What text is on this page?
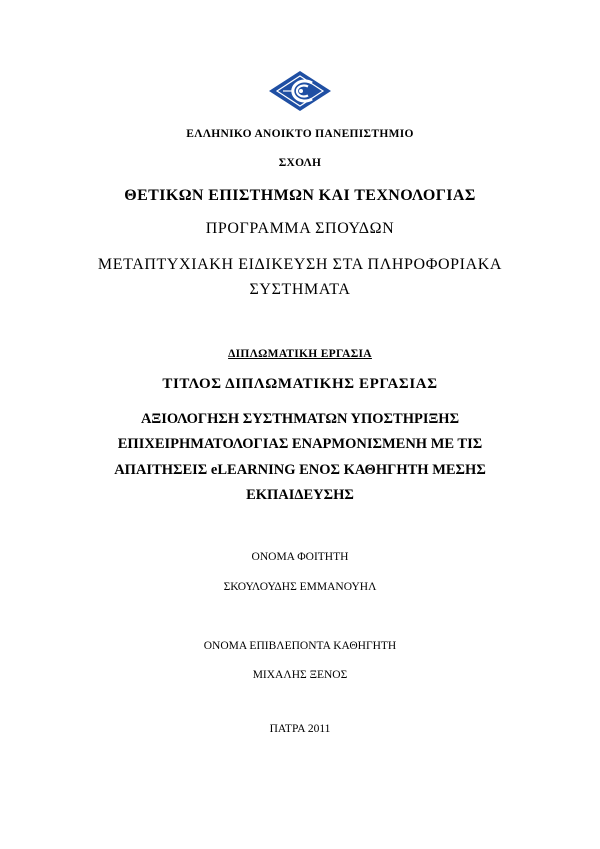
ΕΛΛΗΝΙΚΟ ΑΝΟΙΚΤΟ ΠΑΝΕΠΙΣΤΗΜΙΟ

ΣΧΟΛΗ

ΘΕΤΙΚΩΝ ΕΠΙΣΤΗΜΩΝ ΚΑΙ ΤΕΧΝΟΛΟΓΙΑΣ

ΠΡΟΓΡΑΜΜΑ ΣΠΟΥΔΩΝ

ΜΕΤΑΠΤΥΧΙΑΚΗ ΕΙΔΙΚΕΥΣΗ ΣΤΑ ΠΛΗΡΟΦΟΡΙΑΚΑ

ΣΥΣΤΗΜΑΤΑ

ΔΙΠΛΩΜΑΤΙΚΗ ΕΡΓΑΣΙΑ

ΤΙΤΛΟΣ ΔΙΠΛΩΜΑΤΙΚΗΣ ΕΡΓΑΣΙΑΣ

ΑΞΙΟΛΟΓΗΣΗ ΣΥΣΤΗΜΑΤΩΝ ΥΠΟΣΤΗΡΙΞΗΣ

ΕΠΙΧΕΙΡΗΜΑΤΟΛΟΓΙΑΣ ΕΝΑΡΜΟΝΙΣΜΕΝΗ ΜΕ ΤΙΣ

ΑΠΑΙΤΗΣΕΙΣ eLEARNING ΕΝΟΣ ΚΑΘΗΓΗΤΗ ΜΕΣΗΣ

ΕΚΠΑΙΔΕΥΣΗΣ

ΟΝΟΜΑ ΦΟΙΤΗΤΗ

ΣΚΟΥΛΟΥΔΗΣ ΕΜΜΑΝΟΥΗΛ

ΟΝΟΜΑ ΕΠΙΒΛΕΠΟΝΤΑ ΚΑΘΗΓΗΤΗ

ΜΙΧΑΛΗΣ ΞΕΝΟΣ

ΠΑΤΡΑ 2011
